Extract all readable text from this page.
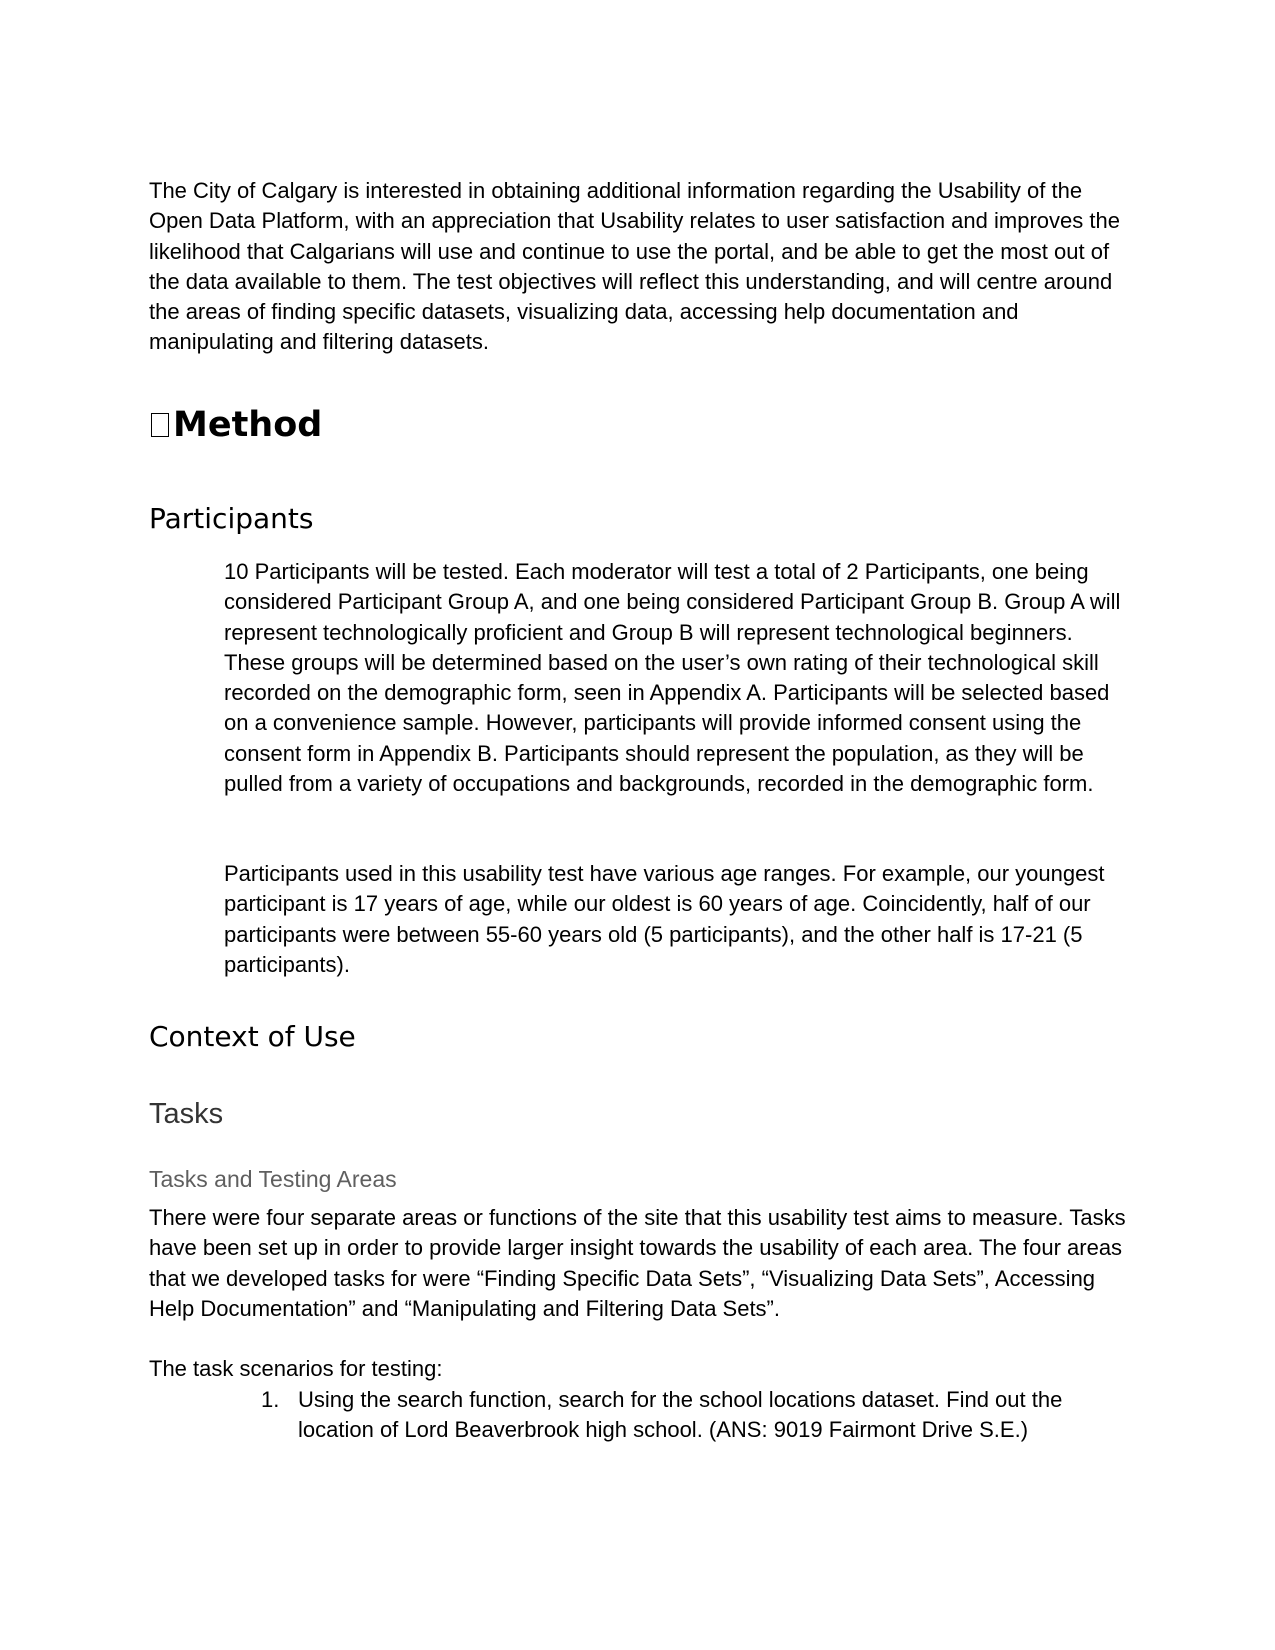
The City of Calgary is interested in obtaining additional information regarding the Usability of the Open Data Platform, with an appreciation that Usability relates to user satisfaction and improves the likelihood that Calgarians will use and continue to use the portal, and be able to get the most out of the data available to them. The test objectives will reflect this understanding, and will centre around the areas of finding specific datasets, visualizing data, accessing help documentation and manipulating and filtering datasets.

Method
Participants

10 Participants will be tested. Each moderator will test a total of 2 Participants, one being considered Participant Group A, and one being considered Participant Group B. Group A will represent technologically proficient and Group B will represent technological beginners. These groups will be determined based on the user’s own rating of their technological skill recorded on the demographic form, seen in Appendix A. Participants will be selected based on a convenience sample. However, participants will provide informed consent using the consent form in Appendix B. Participants should represent the population, as they will be pulled from a variety of occupations and backgrounds, recorded in the demographic form.

Participants used in this usability test have various age ranges. For example, our youngest participant is 17 years of age, while our oldest is 60 years of age. Coincidently, half of our participants were between 55-60 years old (5 participants), and the other half is 17-21 (5 participants).

Context of Use
Tasks
Tasks and Testing Areas

There were four separate areas or functions of the site that this usability test aims to measure. Tasks have been set up in order to provide larger insight towards the usability of each area. The four areas that we developed tasks for were “Finding Specific Data Sets”, “Visualizing Data Sets”, Accessing Help Documentation” and “Manipulating and Filtering Data Sets”.

The task scenarios for testing:

1. Using the search function, search for the school locations dataset. Find out the location of Lord Beaverbrook high school. (ANS: 9019 Fairmont Drive S.E.)
